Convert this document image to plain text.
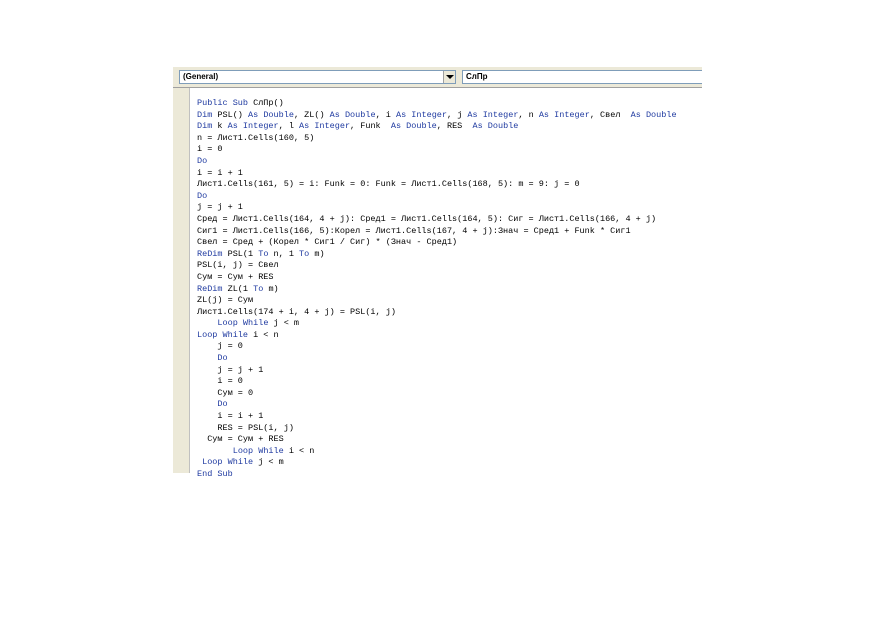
(General)	СлПр
Public Sub СлПр()
Dim PSL() As Double, ZL() As Double, i As Integer, j As Integer, n As Integer, Свел  As Double
Dim k As Integer, l As Integer, Funk  As Double, RES  As Double
n = Лист1.Cells(160, 5)
i = 0
Do
i = i + 1
Лист1.Cells(161, 5) = i: Funk = 0: Funk = Лист1.Cells(168, 5): m = 9: j = 0
Do
j = j + 1
Сред = Лист1.Cells(164, 4 + j): Сред1 = Лист1.Cells(164, 5): Сиг = Лист1.Cells(166, 4 + j)
Сиг1 = Лист1.Cells(166, 5):Корел = Лист1.Cells(167, 4 + j):Знач = Сред1 + Funk * Сиг1
Свел = Сред + (Корел * Сиг1 / Сиг) * (Знач - Сред1)
ReDim PSL(1 To n, 1 To m)
PSL(i, j) = Свел
Сум = Сум + RES
ReDim ZL(1 To m)
ZL(j) = Сум
Лист1.Cells(174 + i, 4 + j) = PSL(i, j)
Loop While j < m
Loop While i < n
j = 0
Do
j = j + 1
i = 0
Сум = 0
Do
i = i + 1
RES = PSL(i, j)
Сум = Сум + RES
Loop While i < n
Loop While j < m
End Sub
